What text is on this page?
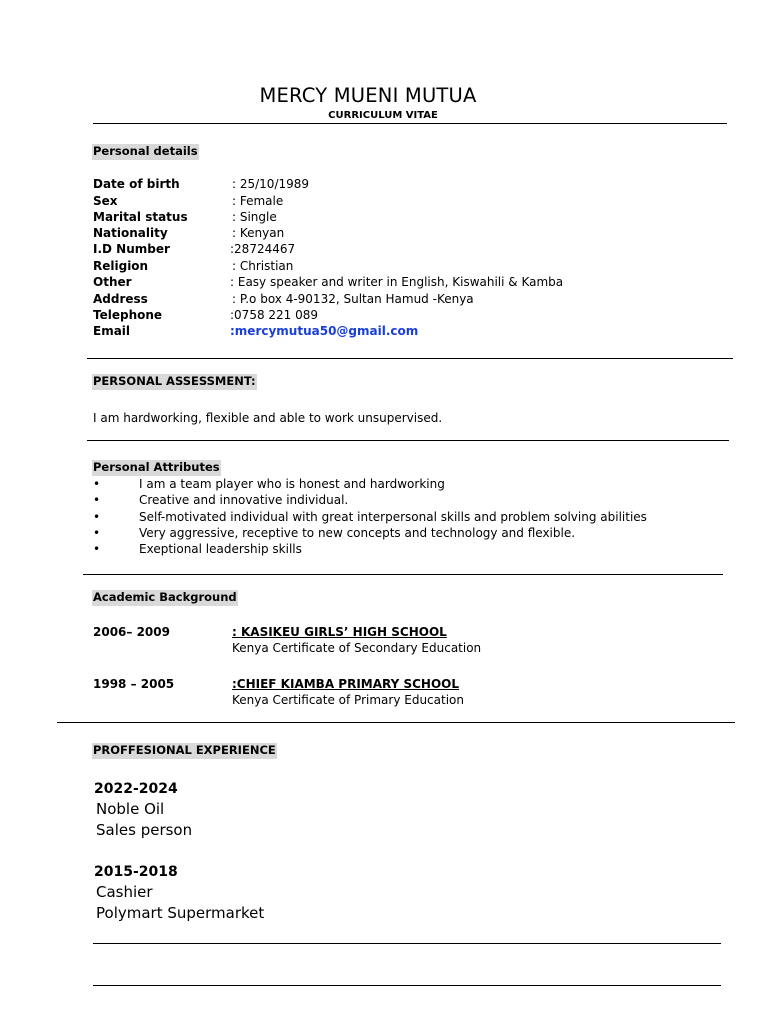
MERCY MUENI MUTUA
CURRICULUM VITAE
Personal details
Date of birth	: 25/10/1989
Sex	: Female
Marital status	: Single
Nationality	: Kenyan
I.D Number	:28724467
Religion	: Christian
Other	: Easy speaker and writer in English, Kiswahili & Kamba
Address	: P.o box 4-90132, Sultan Hamud -Kenya
Telephone	:0758 221 089
Email	:mercymutua50@gmail.com
PERSONAL ASSESSMENT:
I am hardworking, flexible and able to work unsupervised.
Personal Attributes
•	I am a team player who is honest and hardworking
•	Creative and innovative individual.
•	Self-motivated individual with great interpersonal skills and problem solving abilities
•	Very aggressive, receptive to new concepts and technology and flexible.
•	Exeptional leadership skills
Academic Background
2006– 2009	: KASIKEU GIRLS’ HIGH SCHOOL
Kenya Certificate of Secondary Education
1998 – 2005	:CHIEF KIAMBA PRIMARY SCHOOL
Kenya Certificate of Primary Education
PROFFESIONAL EXPERIENCE
2022-2024
Noble Oil
Sales person
2015-2018
Cashier
Polymart Supermarket
